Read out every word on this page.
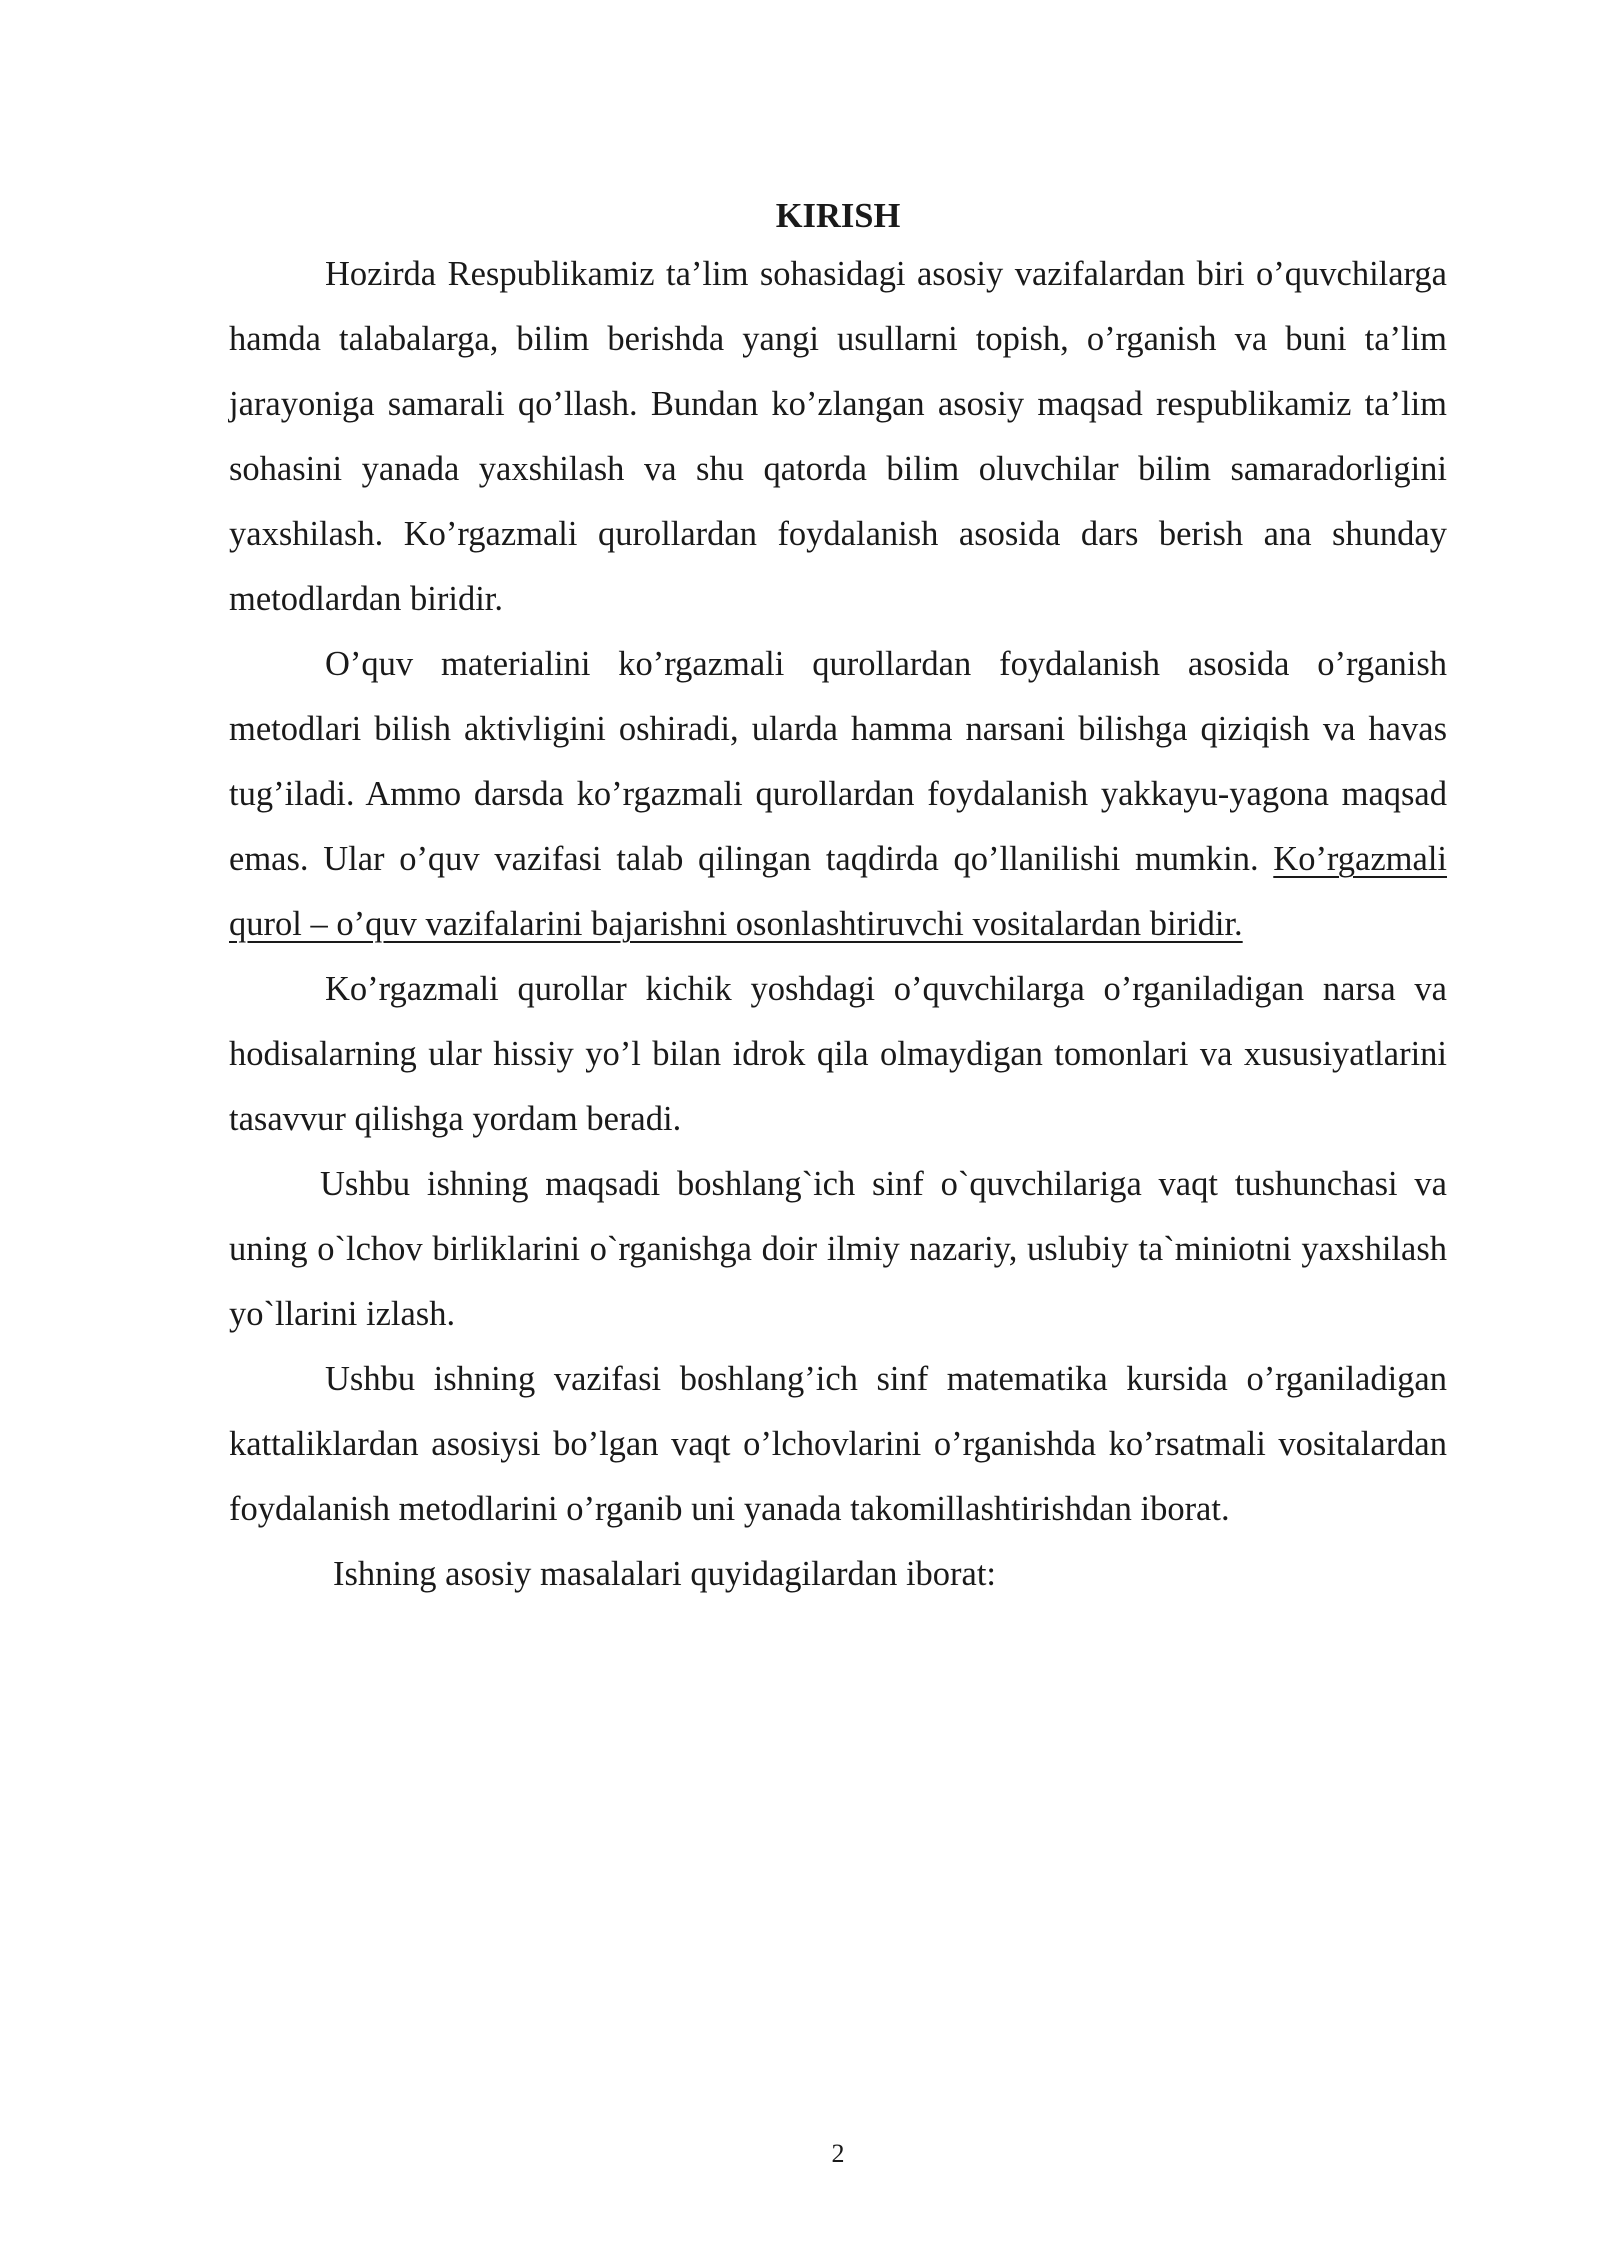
KIRISH

Hozirda Respublikamiz ta’lim sohasidagi asosiy vazifalardan biri o’quvchilarga hamda talabalarga, bilim berishda yangi usullarni topish, o’rganish va buni ta’lim jarayoniga samarali qo’llash. Bundan ko’zlangan asosiy maqsad respublikamiz ta’lim sohasini yanada yaxshilash va shu qatorda bilim oluvchilar bilim samaradorligini yaxshilash. Ko’rgazmali qurollardan foydalanish asosida dars berish ana shunday metodlardan biridir.

O’quv materialini ko’rgazmali qurollardan foydalanish asosida o’rganish metodlari bilish aktivligini oshiradi, ularda hamma narsani bilishga qiziqish va havas tug’iladi. Ammo darsda ko’rgazmali qurollardan foydalanish yakkayu-yagona maqsad emas. Ular o’quv vazifasi talab qilingan taqdirda qo’llanilishi mumkin. Ko’rgazmali qurol – o’quv vazifalarini bajarishni osonlashtiruvchi vositalardan biridir.

Ko’rgazmali qurollar kichik yoshdagi o’quvchilarga o’rganiladigan narsa va hodisalarning ular hissiy yo’l bilan idrok qila olmaydigan tomonlari va xususiyatlarini tasavvur qilishga yordam beradi.

Ushbu ishning maqsadi boshlang`ich sinf o`quvchilariga vaqt tushunchasi va uning o`lchov birliklarini o`rganishga doir ilmiy nazariy, uslubiy ta`miniotni yaxshilash yo`llarini izlash.

Ushbu ishning vazifasi boshlang’ich sinf matematika kursida o’rganiladigan kattaliklardan asosiysi bo’lgan vaqt o’lchovlarini o’rganishda ko’rsatmali vositalardan foydalanish metodlarini o’rganib uni yanada takomillashtirishdan iborat.

Ishning asosiy masalalari quyidagilardan iborat:

2
